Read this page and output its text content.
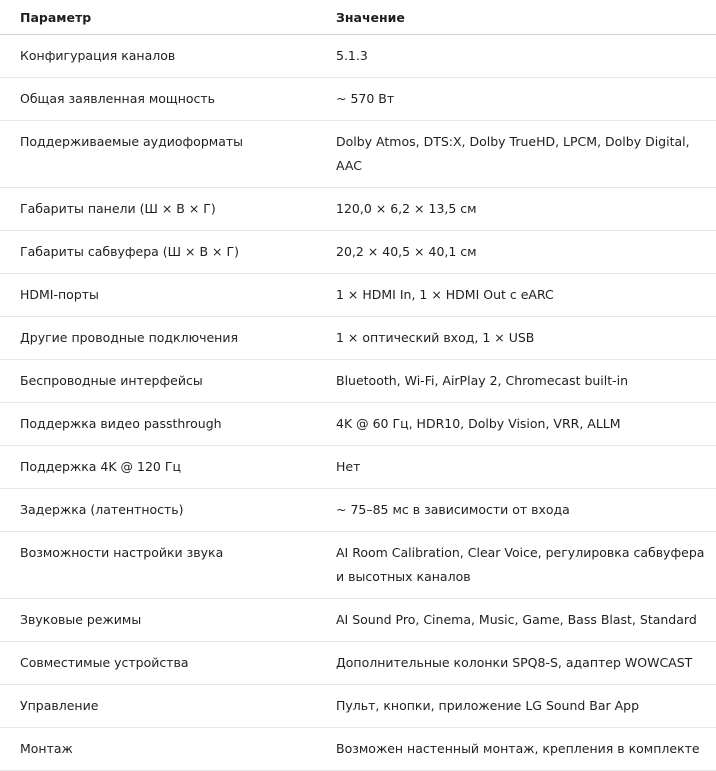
Параметр	Значение
Конфигурация каналов	5.1.3
Общая заявленная мощность	~ 570 Вт
Поддерживаемые аудиоформаты	Dolby Atmos, DTS:X, Dolby TrueHD, LPCM, Dolby Digital, AAC
Габариты панели (Ш × В × Г)	120,0 × 6,2 × 13,5 см
Габариты сабвуфера (Ш × В × Г)	20,2 × 40,5 × 40,1 см
HDMI-порты	1 × HDMI In, 1 × HDMI Out с eARC
Другие проводные подключения	1 × оптический вход, 1 × USB
Беспроводные интерфейсы	Bluetooth, Wi-Fi, AirPlay 2, Chromecast built-in
Поддержка видео passthrough	4K @ 60 Гц, HDR10, Dolby Vision, VRR, ALLM
Поддержка 4K @ 120 Гц	Нет
Задержка (латентность)	~ 75–85 мс в зависимости от входа
Возможности настройки звука	AI Room Calibration, Clear Voice, регулировка сабвуфера и высотных каналов
Звуковые режимы	AI Sound Pro, Cinema, Music, Game, Bass Blast, Standard
Совместимые устройства	Дополнительные колонки SPQ8-S, адаптер WOWCAST
Управление	Пульт, кнопки, приложение LG Sound Bar App
Монтаж	Возможен настенный монтаж, крепления в комплекте
